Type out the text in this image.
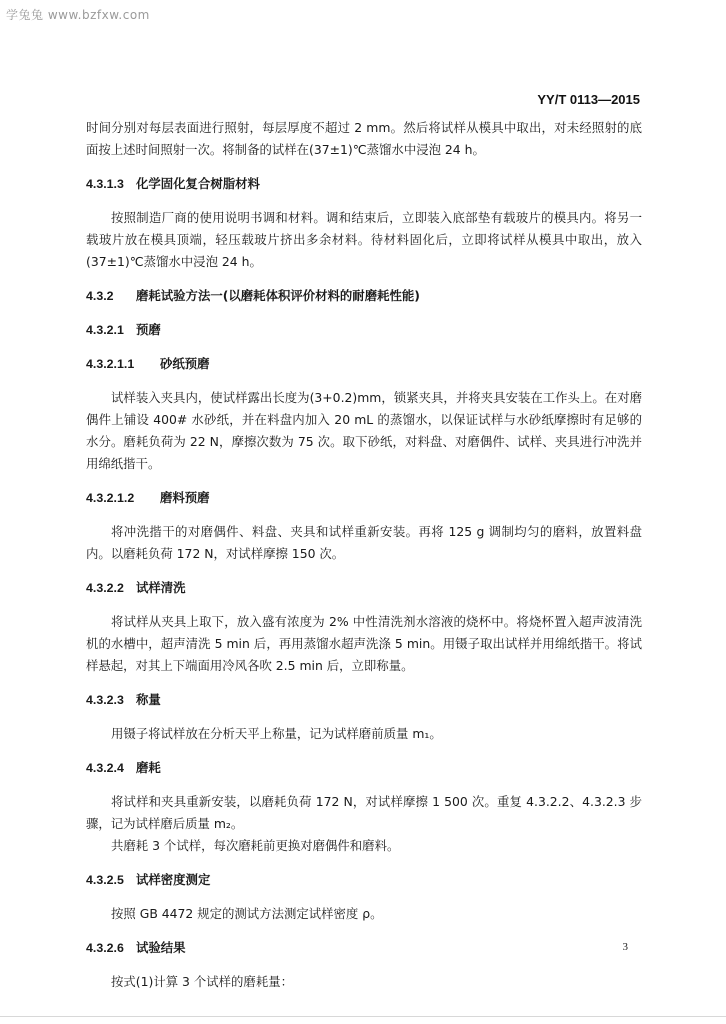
学兔兔 www.bzfxw.com
YY/T 0113—2015

时间分别对每层表面进行照射，每层厚度不超过 2 mm。然后将试样从模具中取出，对未经照射的底面按上述时间照射一次。将制备的试样在(37±1)℃蒸馏水中浸泡 24 h。

4.3.1.3 化学固化复合树脂材料

按照制造厂商的使用说明书调和材料。调和结束后，立即装入底部垫有载玻片的模具内。将另一载玻片放在模具顶端，轻压载玻片挤出多余材料。待材料固化后，立即将试样从模具中取出，放入(37±1)℃蒸馏水中浸泡 24 h。

4.3.2 磨耗试验方法一(以磨耗体积评价材料的耐磨耗性能)

4.3.2.1 预磨

4.3.2.1.1 砂纸预磨

试样装入夹具内，使试样露出长度为(3+0.2)mm，锁紧夹具，并将夹具安装在工作头上。在对磨偶件上铺设 400# 水砂纸，并在料盘内加入 20 mL 的蒸馏水，以保证试样与水砂纸摩擦时有足够的水分。磨耗负荷为 22 N，摩擦次数为 75 次。取下砂纸，对料盘、对磨偶件、试样、夹具进行冲洗并用绵纸揩干。

4.3.2.1.2 磨料预磨

将冲洗揩干的对磨偶件、料盘、夹具和试样重新安装。再将 125 g 调制均匀的磨料，放置料盘内。以磨耗负荷 172 N，对试样摩擦 150 次。

4.3.2.2 试样清洗

将试样从夹具上取下，放入盛有浓度为 2% 中性清洗剂水溶液的烧杯中。将烧杯置入超声波清洗机的水槽中，超声清洗 5 min 后，再用蒸馏水超声洗涤 5 min。用镊子取出试样并用绵纸揩干。将试样悬起，对其上下端面用冷风各吹 2.5 min 后，立即称量。

4.3.2.3 称量

用镊子将试样放在分析天平上称量，记为试样磨前质量 m₁。

4.3.2.4 磨耗

将试样和夹具重新安装，以磨耗负荷 172 N，对试样摩擦 1 500 次。重复 4.3.2.2、4.3.2.3 步骤，记为试样磨后质量 m₂。

共磨耗 3 个试样，每次磨耗前更换对磨偶件和磨料。

4.3.2.5 试样密度测定

按照 GB 4472 规定的测试方法测定试样密度 ρ。

4.3.2.6 试验结果

按式(1)计算 3 个试样的磨耗量：

3
